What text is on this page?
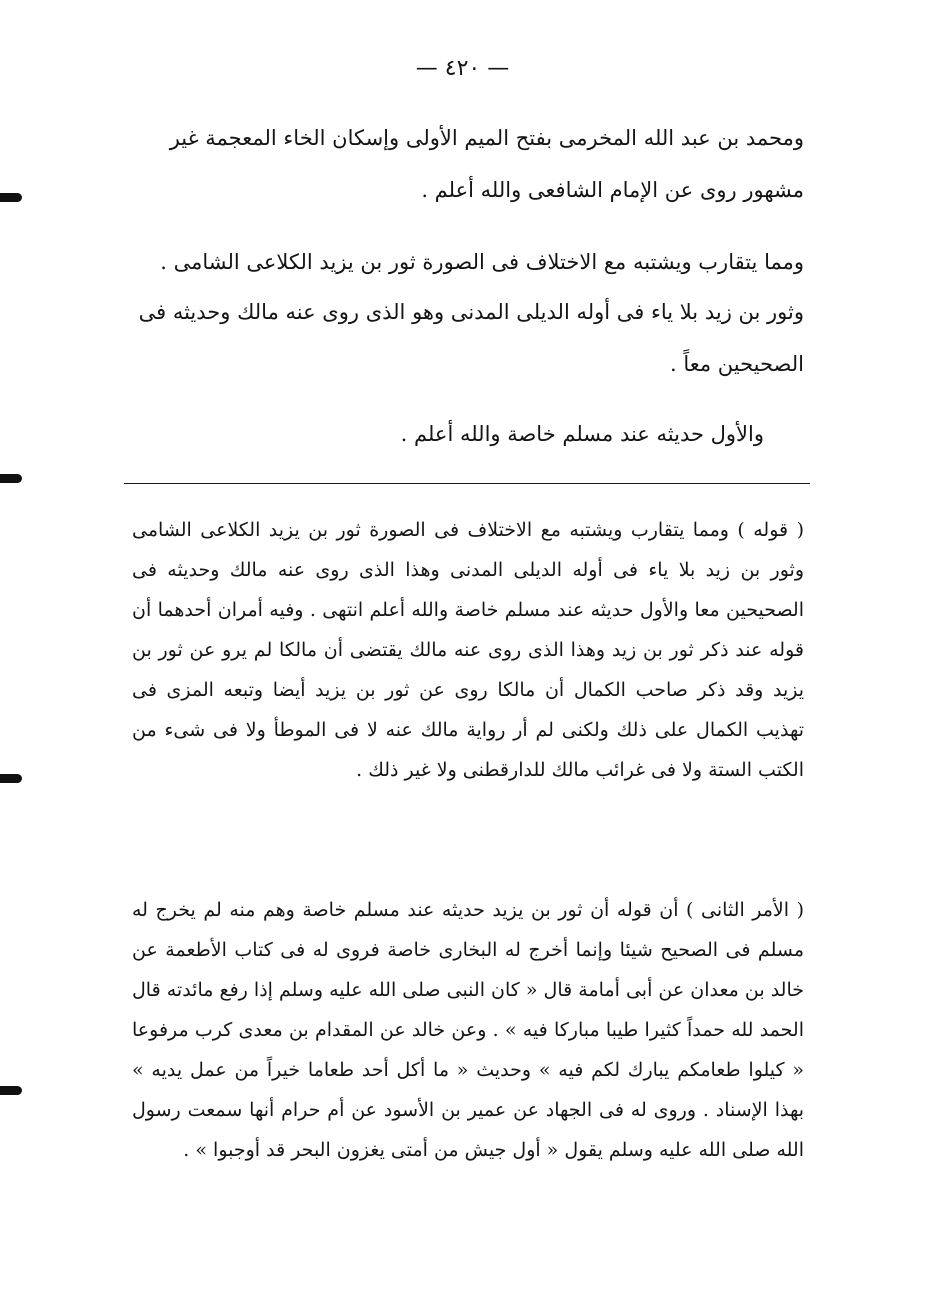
— ٤٢٠ —

ومحمد بن عبد الله المخرمى بفتح الميم الأولى وإسكان الخاء المعجمة غير مشهور روى عن الإمام الشافعى والله أعلم .

ومما يتقارب ويشتبه مع الاختلاف فى الصورة ثور بن يزيد الكلاعى الشامى .

وثور بن زيد بلا ياء فى أوله الديلى المدنى وهو الذى روى عنه مالك وحديثه فى الصحيحين معاً .

والأول حديثه عند مسلم خاصة والله أعلم .

( قوله ) ومما يتقارب ويشتبه مع الاختلاف فى الصورة ثور بن يزيد الكلاعى الشامى وثور بن زيد بلا ياء فى أوله الديلى المدنى وهذا الذى روى عنه مالك وحديثه فى الصحيحين معا والأول حديثه عند مسلم خاصة والله أعلم انتهى . وفيه أمران أحدهما أن قوله عند ذكر ثور بن زيد وهذا الذى روى عنه مالك يقتضى أن مالكا لم يرو عن ثور بن يزيد وقد ذكر صاحب الكمال أن مالكا روى عن ثور بن يزيد أيضا وتبعه المزى فى تهذيب الكمال على ذلك ولكنى لم أر رواية مالك عنه لا فى الموطأ ولا فى شىء من الكتب الستة ولا فى غرائب مالك للدارقطنى ولا غير ذلك .

( الأمر الثانى ) أن قوله أن ثور بن يزيد حديثه عند مسلم خاصة وهم منه لم يخرج له مسلم فى الصحيح شيئا وإنما أخرج له البخارى خاصة فروى له فى كتاب الأطعمة عن خالد بن معدان عن أبى أمامة قال « كان النبى صلى الله عليه وسلم إذا رفع مائدته قال الحمد لله حمداً كثيرا طيبا مباركا فيه » . وعن خالد عن المقدام بن معدى كرب مرفوعا « كيلوا طعامكم يبارك لكم فيه » وحديث « ما أكل أحد طعاما خيراً من عمل يديه » بهذا الإسناد . وروى له فى الجهاد عن عمير بن الأسود عن أم حرام أنها سمعت رسول الله صلى الله عليه وسلم يقول « أول جيش من أمتى يغزون البحر قد أوجبوا » .
